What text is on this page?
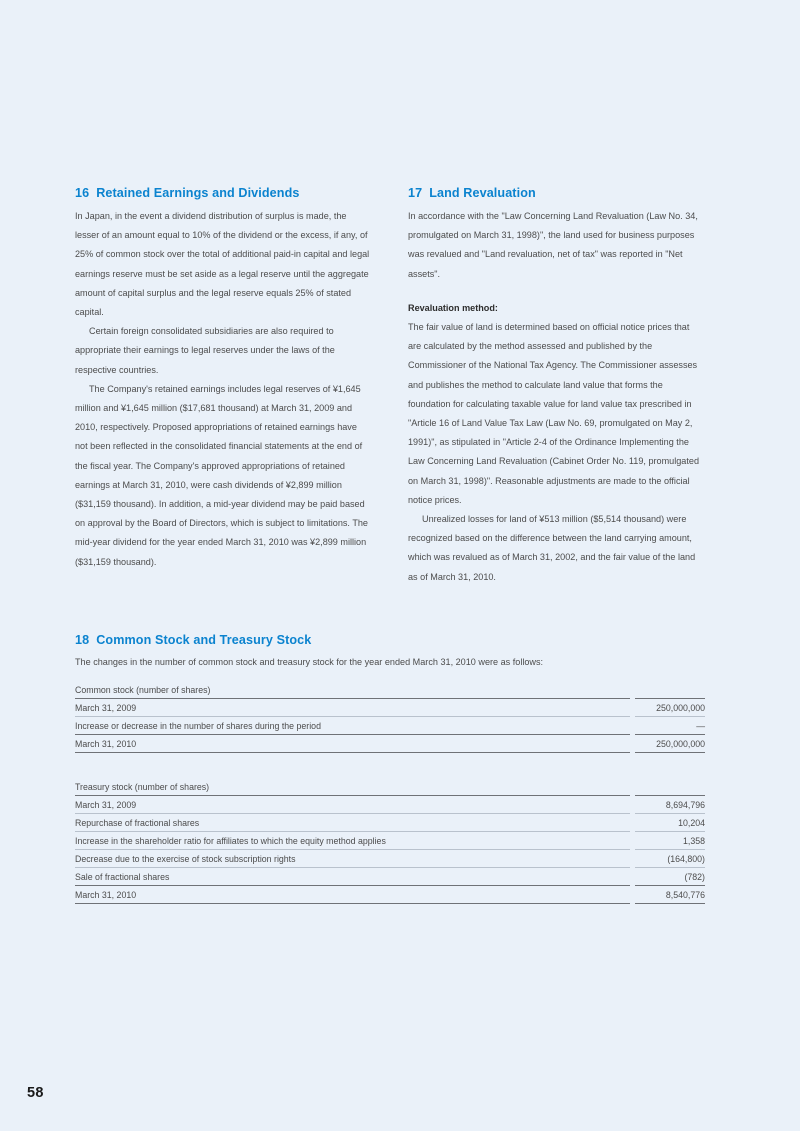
16 Retained Earnings and Dividends

In Japan, in the event a dividend distribution of surplus is made, the lesser of an amount equal to 10% of the dividend or the excess, if any, of 25% of common stock over the total of additional paid-in capital and legal earnings reserve must be set aside as a legal reserve until the aggregate amount of capital surplus and the legal reserve equals 25% of stated capital.

Certain foreign consolidated subsidiaries are also required to appropriate their earnings to legal reserves under the laws of the respective countries.

The Company's retained earnings includes legal reserves of ¥1,645 million and ¥1,645 million ($17,681 thousand) at March 31, 2009 and 2010, respectively. Proposed appropriations of retained earnings have not been reflected in the consolidated financial statements at the end of the fiscal year. The Company's approved appropriations of retained earnings at March 31, 2010, were cash dividends of ¥2,899 million ($31,159 thousand). In addition, a mid-year dividend may be paid based on approval by the Board of Directors, which is subject to limitations. The mid-year dividend for the year ended March 31, 2010 was ¥2,899 million ($31,159 thousand).

17 Land Revaluation

In accordance with the "Law Concerning Land Revaluation (Law No. 34, promulgated on March 31, 1998)", the land used for business purposes was revalued and "Land revaluation, net of tax" was reported in "Net assets".

Revaluation method:

The fair value of land is determined based on official notice prices that are calculated by the method assessed and published by the Commissioner of the National Tax Agency. The Commissioner assesses and publishes the method to calculate land value that forms the foundation for calculating taxable value for land value tax prescribed in "Article 16 of Land Value Tax Law (Law No. 69, promulgated on May 2, 1991)", as stipulated in "Article 2-4 of the Ordinance Implementing the Law Concerning Land Revaluation (Cabinet Order No. 119, promulgated on March 31, 1998)". Reasonable adjustments are made to the official notice prices.

Unrealized losses for land of ¥513 million ($5,514 thousand) were recognized based on the difference between the land carrying amount, which was revalued as of March 31, 2002, and the fair value of the land as of March 31, 2010.

18 Common Stock and Treasury Stock

The changes in the number of common stock and treasury stock for the year ended March 31, 2010 were as follows:

Common stock (number of shares)		
March 31, 2009		250,000,000
Increase or decrease in the number of shares during the period		—
March 31, 2010		250,000,000
Treasury stock (number of shares)		
March 31, 2009		8,694,796
Repurchase of fractional shares		10,204
Increase in the shareholder ratio for affiliates to which the equity method applies		1,358
Decrease due to the exercise of stock subscription rights		(164,800)
Sale of fractional shares		(782)
March 31, 2010		8,540,776
58
